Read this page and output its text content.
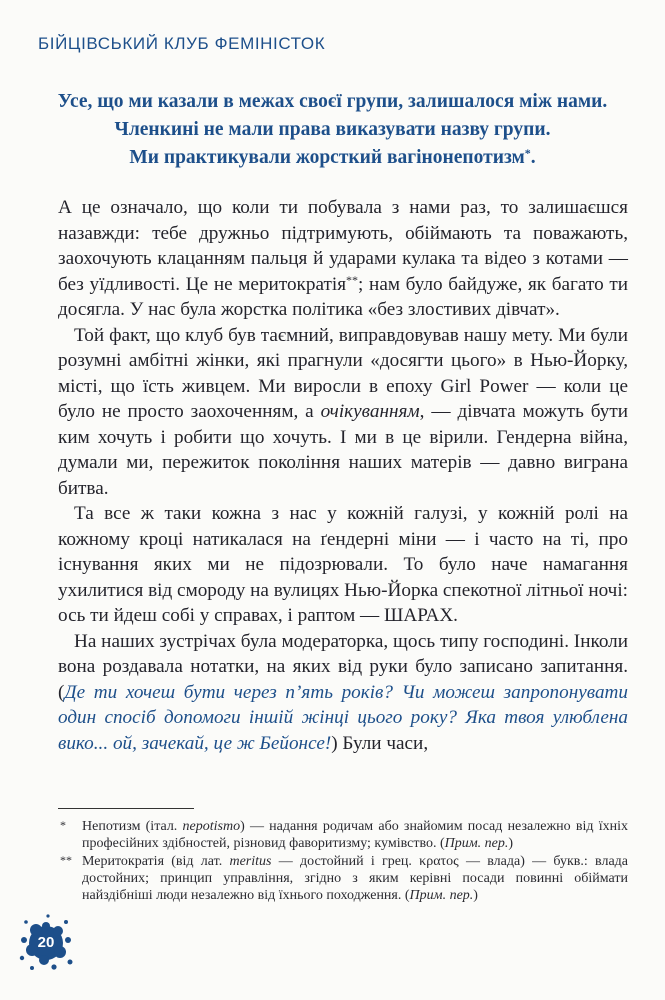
БІЙЦІВСЬКИЙ КЛУБ ФЕМІНІСТОК

Усе, що ми казали в межах своєї групи, залишалося між нами.

Членкині не мали права виказувати назву групи.

Ми практикували жорсткий вагінонепотизм*.

А це означало, що коли ти побувала з нами раз, то залишаєшся назавжди: тебе дружньо підтримують, обіймають та поважають, заохочують клацанням пальця й ударами кулака та відео з котами — без уїдливості. Це не меритократія**; нам було байдуже, як багато ти досягла. У нас була жорстка політика «без злостивих дівчат».

Той факт, що клуб був таємний, виправдовував нашу мету. Ми були розумні амбітні жінки, які прагнули «досягти цього» в Нью-Йорку, місті, що їсть живцем. Ми виросли в епоху Girl Power — коли це було не просто заохоченням, а очікуванням, — дівчата можуть бути ким хочуть і робити що хочуть. І ми в це вірили. Гендерна війна, думали ми, пережиток покоління наших матерів — давно виграна битва.

Та все ж таки кожна з нас у кожній галузі, у кожній ролі на кожному кроці натикалася на ґендерні міни — і часто на ті, про існування яких ми не підозрювали. То було наче намагання ухилитися від смороду на вулицях Нью-Йорка спекотної літньої ночі: ось ти йдеш собі у справах, і раптом — ШАРАХ.

На наших зустрічах була модераторка, щось типу господині. Інколи вона роздавала нотатки, на яких від руки було записано запитання. (Де ти хочеш бути через п’ять років? Чи можеш запропонувати один спосіб допомоги іншій жінці цього року? Яка твоя улюблена вико... ой, зачекай, це ж Бейонсе!) Були часи,

* Непотизм (італ. nepotismo) — надання родичам або знайомим посад незалежно від їхніх професійних здібностей, різновид фаворитизму; кумівство. (Прим. пер.)
** Меритократія (від лат. meritus — достойний і грец. κρατος — влада) — букв.: влада достойних; принцип управління, згідно з яким керівні посади повинні обіймати найздібніші люди незалежно від їхнього походження. (Прим. пер.)
20
